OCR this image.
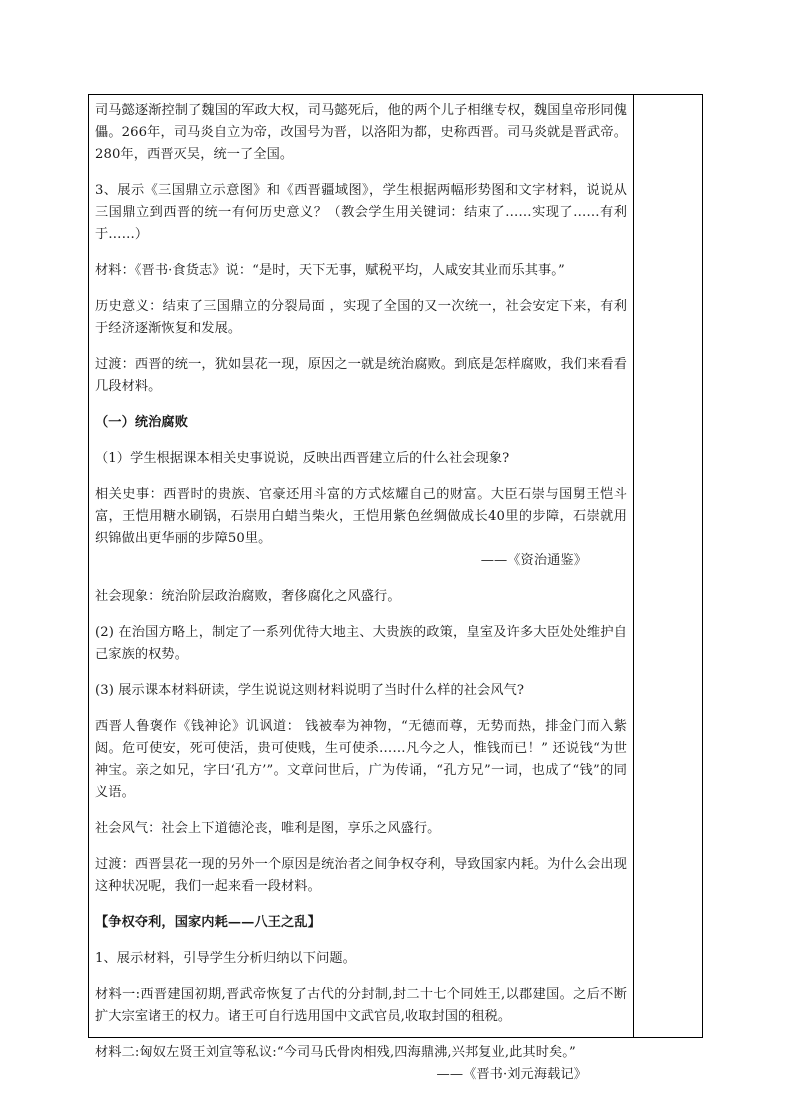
司马懿逐渐控制了魏国的军政大权，司马懿死后，他的两个儿子相继专权，魏国皇帝形同傀儡。266年，司马炎自立为帝，改国号为晋，以洛阳为都，史称西晋。司马炎就是晋武帝。280年，西晋灭吴，统一了全国。

3、展示《三国鼎立示意图》和《西晋疆域图》，学生根据两幅形势图和文字材料，说说从三国鼎立到西晋的统一有何历史意义？（教会学生用关键词：结束了……实现了……有利于……）

材料：《晋书·食货志》说：“是时，天下无事，赋税平均，人咸安其业而乐其事。”

历史意义：结束了三国鼎立的分裂局面 ，实现了全国的又一次统一，社会安定下来，有利于经济逐渐恢复和发展。

过渡：西晋的统一，犹如昙花一现，原因之一就是统治腐败。到底是怎样腐败，我们来看看几段材料。

（一）统治腐败

（1）学生根据课本相关史事说说，反映出西晋建立后的什么社会现象?

相关史事：西晋时的贵族、官豪还用斗富的方式炫耀自己的财富。大臣石崇与国舅王恺斗富，王恺用糖水刷锅，石崇用白蜡当柴火，王恺用紫色丝绸做成长40里的步障，石崇就用织锦做出更华丽的步障50里。

——《资治通鉴》

社会现象：统治阶层政治腐败，奢侈腐化之风盛行。

(2) 在治国方略上，制定了一系列优待大地主、大贵族的政策，皇室及许多大臣处处维护自己家族的权势。

(3) 展示课本材料研读，学生说说这则材料说明了当时什么样的社会风气?

西晋人鲁褒作《钱神论》讥讽道： 钱被奉为神物，“无德而尊，无势而热，排金门而入紫闼。危可使安，死可使活，贵可使贱，生可使杀……凡今之人，惟钱而已！” 还说钱“为世神宝。亲之如兄，字曰‘孔方’”。文章问世后，广为传诵，“孔方兄”一词，也成了“钱”的同义语。

社会风气：社会上下道德沦丧，唯利是图，享乐之风盛行。

过渡：西晋昙花一现的另外一个原因是统治者之间争权夺利，导致国家内耗。为什么会出现这种状况呢，我们一起来看一段材料。

【争权夺利，国家内耗——八王之乱】

1、展示材料，引导学生分析归纳以下问题。

材料一:西晋建国初期,晋武帝恢复了古代的分封制,封二十七个同姓王,以郡建国。之后不断扩大宗室诸王的权力。诸王可自行选用国中文武官员,收取封国的租税。

材料二:匈奴左贤王刘宣等私议:“今司马氏骨肉相残,四海鼎沸,兴邦复业,此其时矣。”

——《晋书·刘元海载记》
